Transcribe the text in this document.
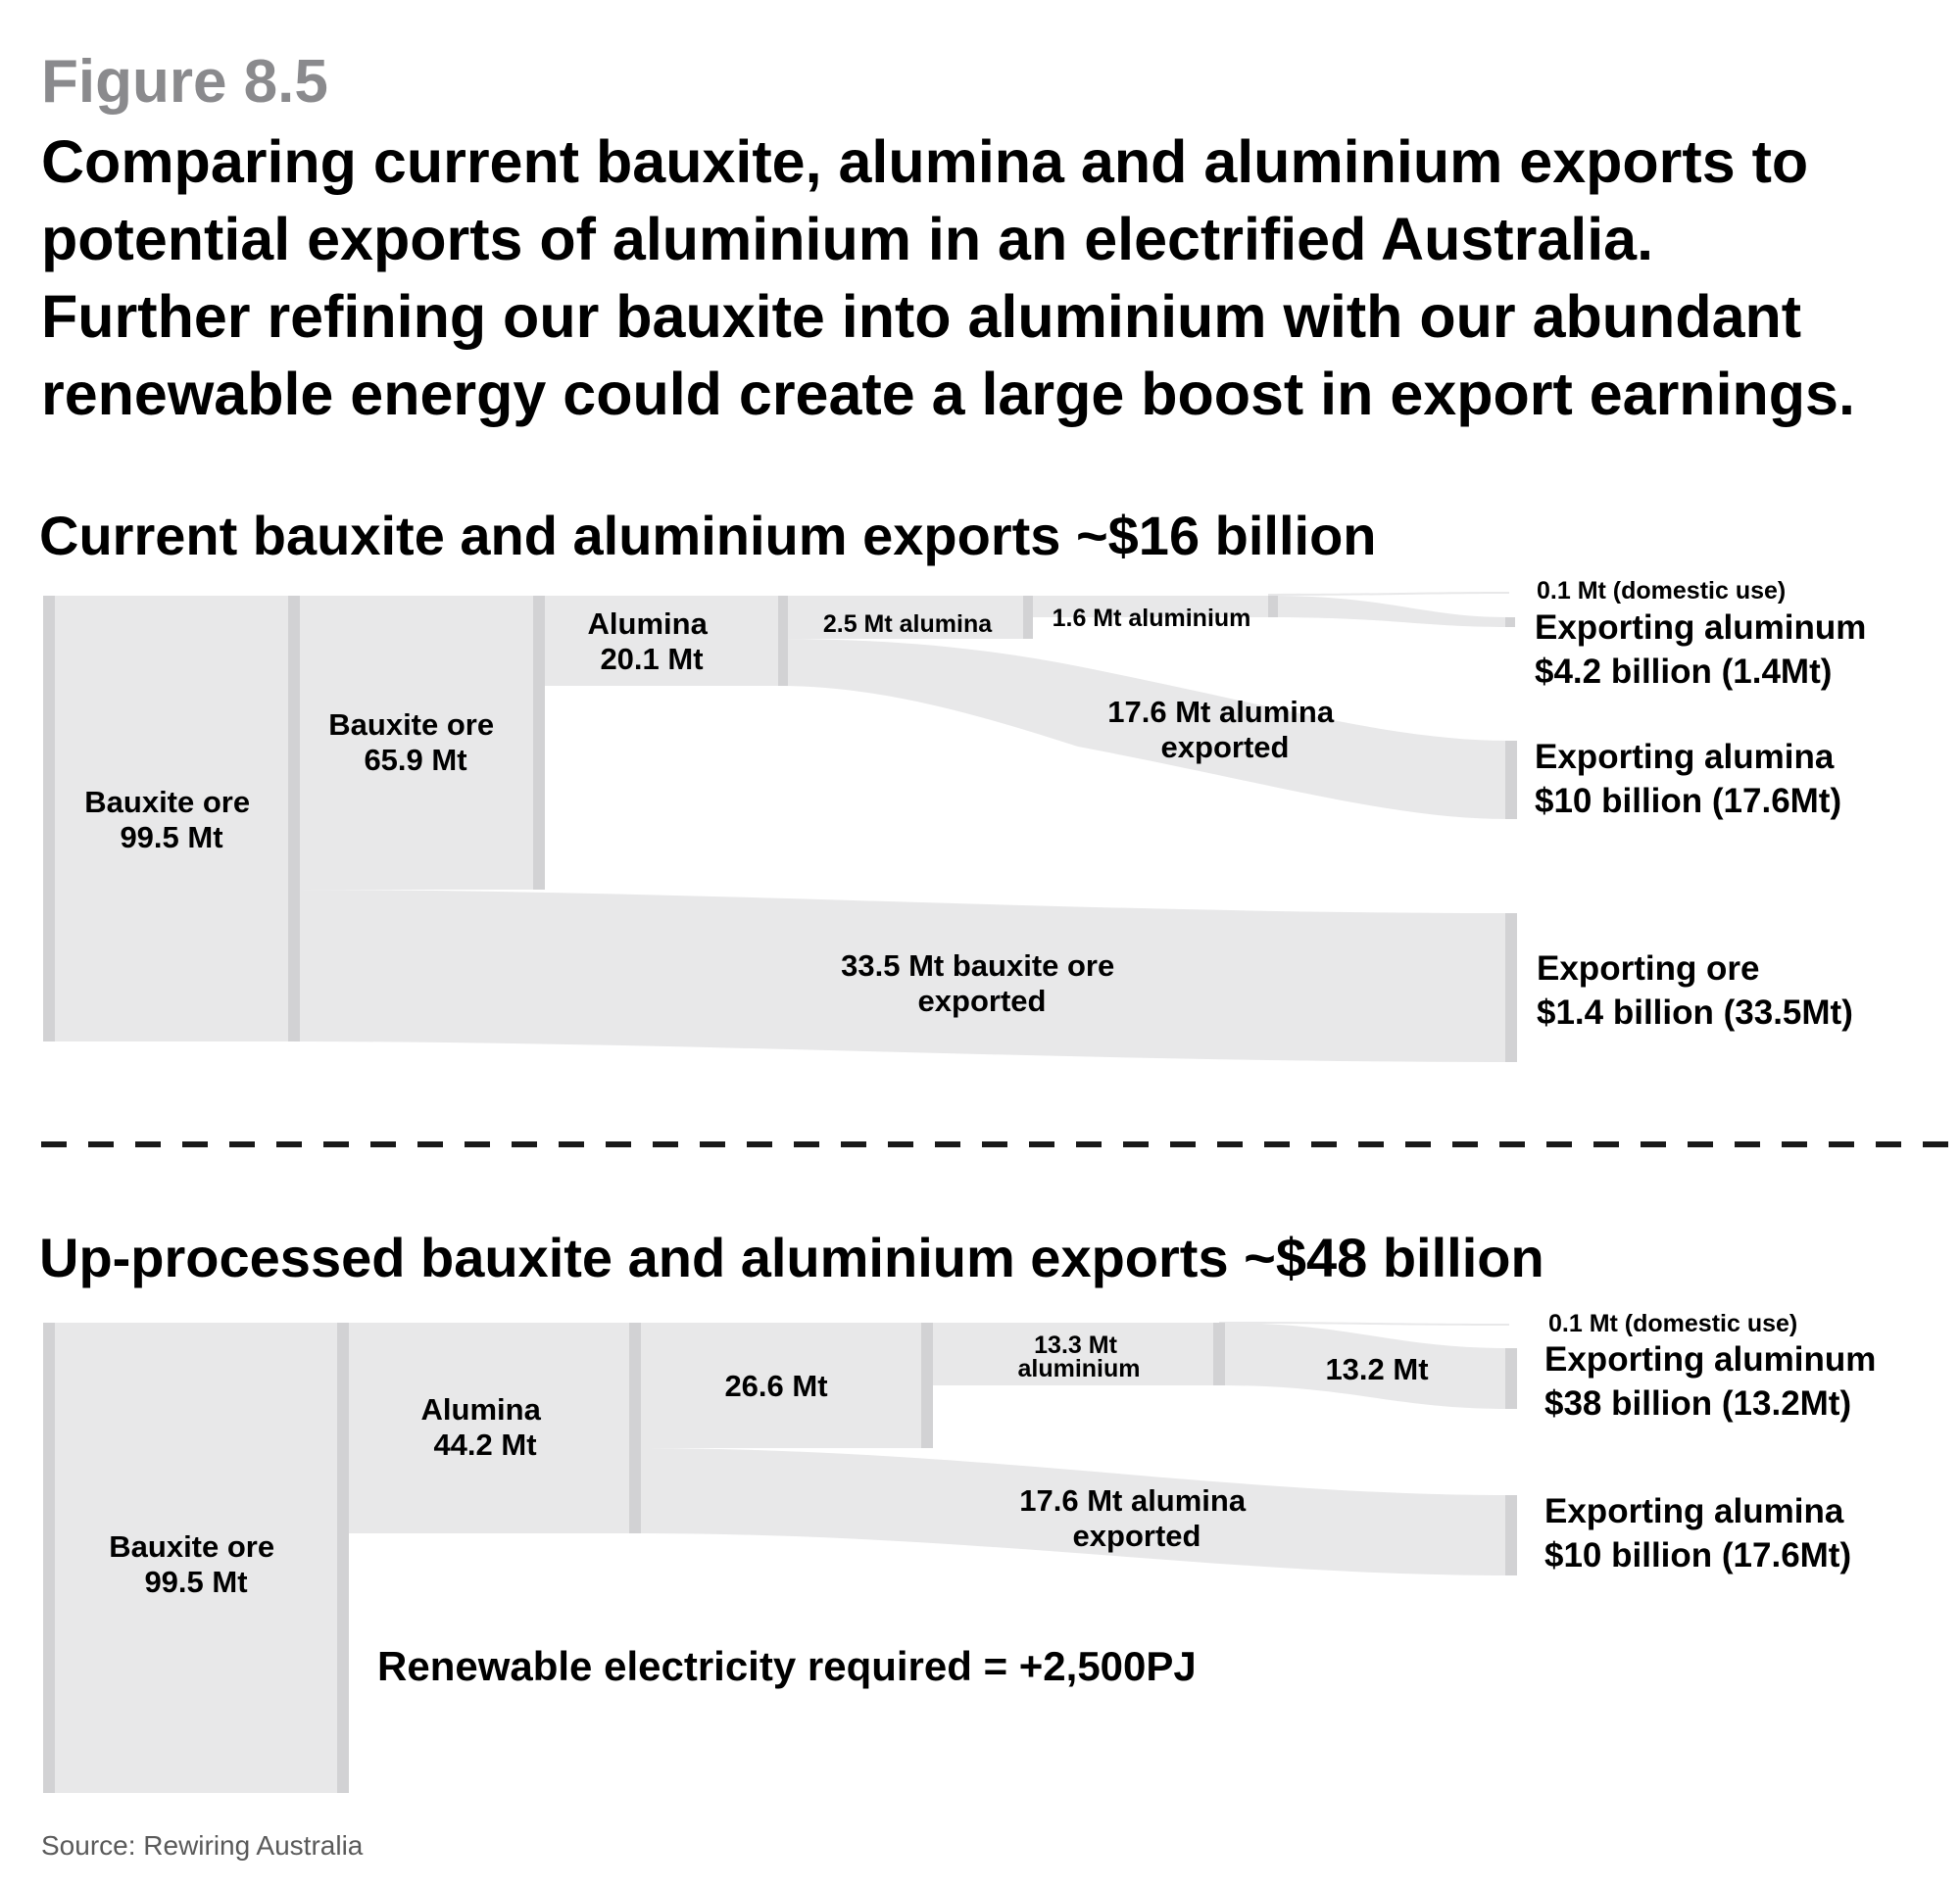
Figure 8.5
Comparing current bauxite, alumina and aluminium exports to
potential exports of aluminium in an electrified Australia.
Further refining our bauxite into aluminium with our abundant
renewable energy could create a large boost in export earnings.
Current bauxite and aluminium exports ~$16 billion
Bauxite ore 99.5 Mt
Bauxite ore 65.9 Mt
Alumina 20.1 Mt
2.5 Mt alumina 1.6 Mt aluminium
17.6 Mt alumina exported
33.5 Mt bauxite ore exported
0.1 Mt (domestic use)
Exporting aluminum $4.2 billion (1.4Mt)
Exporting alumina $10 billion (17.6Mt)
Exporting ore $1.4 billion (33.5Mt)
Up-processed bauxite and aluminium exports ~$48 billion
Bauxite ore 99.5 Mt
Alumina 44.2 Mt
26.6 Mt
13.3 Mt aluminium	13.2 Mt
17.6 Mt alumina exported
0.1 Mt (domestic use)
Exporting aluminum $38 billion (13.2Mt)
Exporting alumina $10 billion (17.6Mt)
Renewable electricity required = +2,500PJ
Source: Rewiring Australia
